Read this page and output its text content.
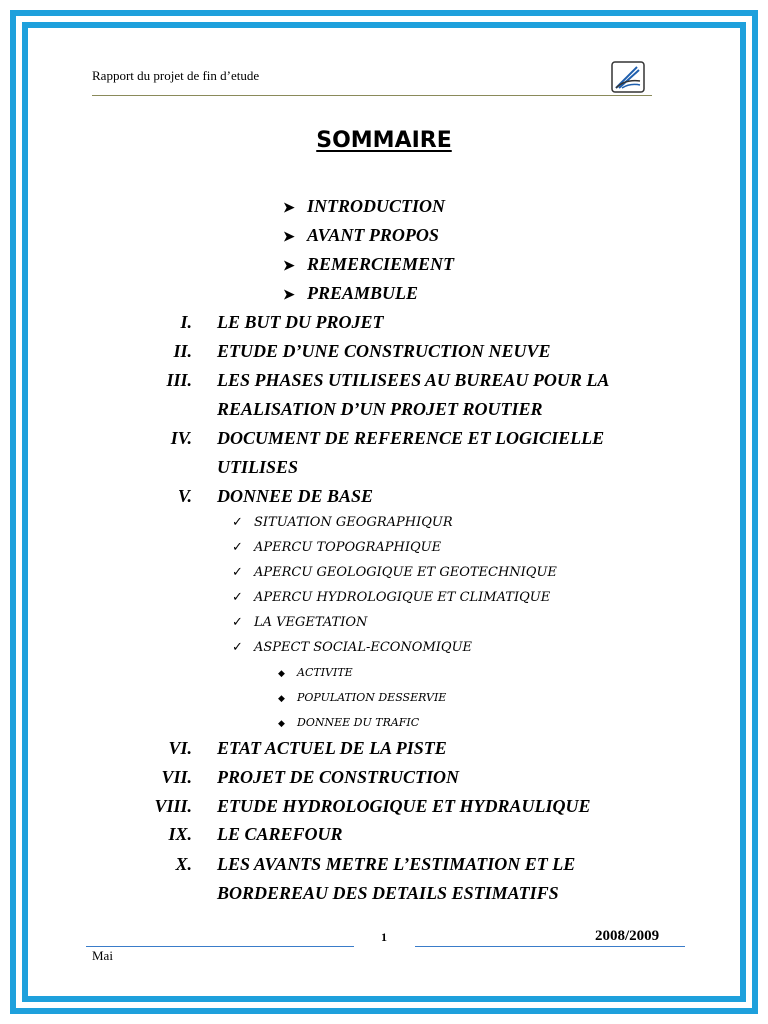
Rapport du projet de fin d’etude
SOMMAIRE
➤ INTRODUCTION
➤ AVANT PROPOS
➤ REMERCIEMENT
➤ PREAMBULE
I. LE BUT DU PROJET
II. ETUDE D’UNE CONSTRUCTION NEUVE
III. LES PHASES UTILISEES AU BUREAU POUR LA
REALISATION D’UN PROJET ROUTIER
IV. DOCUMENT DE REFERENCE ET LOGICIELLE
UTILISES
V. DONNEE DE BASE
✓ SITUATION GEOGRAPHIQUR
✓ APERCU TOPOGRAPHIQUE
✓ APERCU GEOLOGIQUE ET GEOTECHNIQUE
✓ APERCU HYDROLOGIQUE ET CLIMATIQUE
✓ LA VEGETATION
✓ ASPECT SOCIAL-ECONOMIQUE
◆ ACTIVITE
◆ POPULATION DESSERVIE
◆ DONNEE DU TRAFIC
VI. ETAT ACTUEL DE LA PISTE
VII. PROJET DE CONSTRUCTION
VIII. ETUDE HYDROLOGIQUE ET HYDRAULIQUE
IX. LE CAREFOUR
X. LES AVANTS METRE L’ESTIMATION ET LE
BORDEREAU DES DETAILS ESTIMATIFS
1	2008/2009
Mai
